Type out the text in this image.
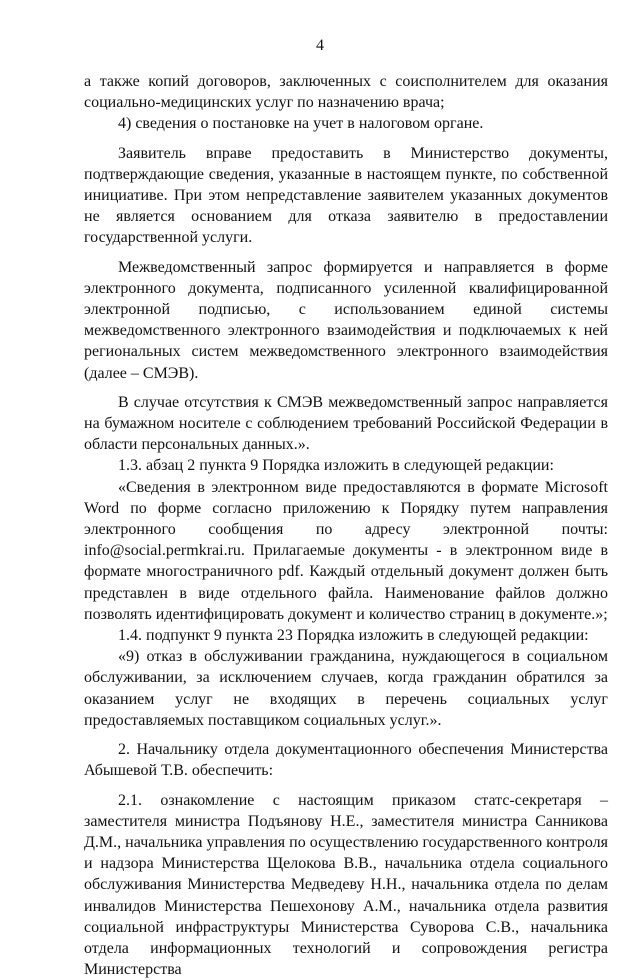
4

а также копий договоров, заключенных с соисполнителем для оказания социально-медицинских услуг по назначению врача;

4) сведения о постановке на учет в налоговом органе.

Заявитель вправе предоставить в Министерство документы, подтверждающие сведения, указанные в настоящем пункте, по собственной инициативе. При этом непредставление заявителем указанных документов не является основанием для отказа заявителю в предоставлении государственной услуги.

Межведомственный запрос формируется и направляется в форме электронного документа, подписанного усиленной квалифицированной электронной подписью, с использованием единой системы межведомственного электронного взаимодействия и подключаемых к ней региональных систем межведомственного электронного взаимодействия (далее – СМЭВ).

В случае отсутствия к СМЭВ межведомственный запрос направляется на бумажном носителе с соблюдением требований Российской Федерации в области персональных данных.».

1.3. абзац 2 пункта 9 Порядка изложить в следующей редакции:

«Сведения в электронном виде предоставляются в формате Microsoft Word по форме согласно приложению к Порядку путем направления электронного сообщения по адресу электронной почты: info@social.permkrai.ru. Прилагаемые документы - в электронном виде в формате многостраничного pdf. Каждый отдельный документ должен быть представлен в виде отдельного файла. Наименование файлов должно позволять идентифицировать документ и количество страниц в документе.»;

1.4. подпункт 9 пункта 23 Порядка изложить в следующей редакции:

«9) отказ в обслуживании гражданина, нуждающегося в социальном обслуживании, за исключением случаев, когда гражданин обратился за оказанием услуг не входящих в перечень социальных услуг предоставляемых поставщиком социальных услуг.».

2. Начальнику отдела документационного обеспечения Министерства Абышевой Т.В. обеспечить:

2.1. ознакомление с настоящим приказом статс-секретаря – заместителя министра Подъянову Н.Е., заместителя министра Санникова Д.М., начальника управления по осуществлению государственного контроля и надзора Министерства Щелокова В.В., начальника отдела социального обслуживания Министерства Медведеву Н.Н., начальника отдела по делам инвалидов Министерства Пешехонову А.М., начальника отдела развития социальной инфраструктуры Министерства Суворова С.В., начальника отдела информационных технологий и сопровождения регистра Министерства
